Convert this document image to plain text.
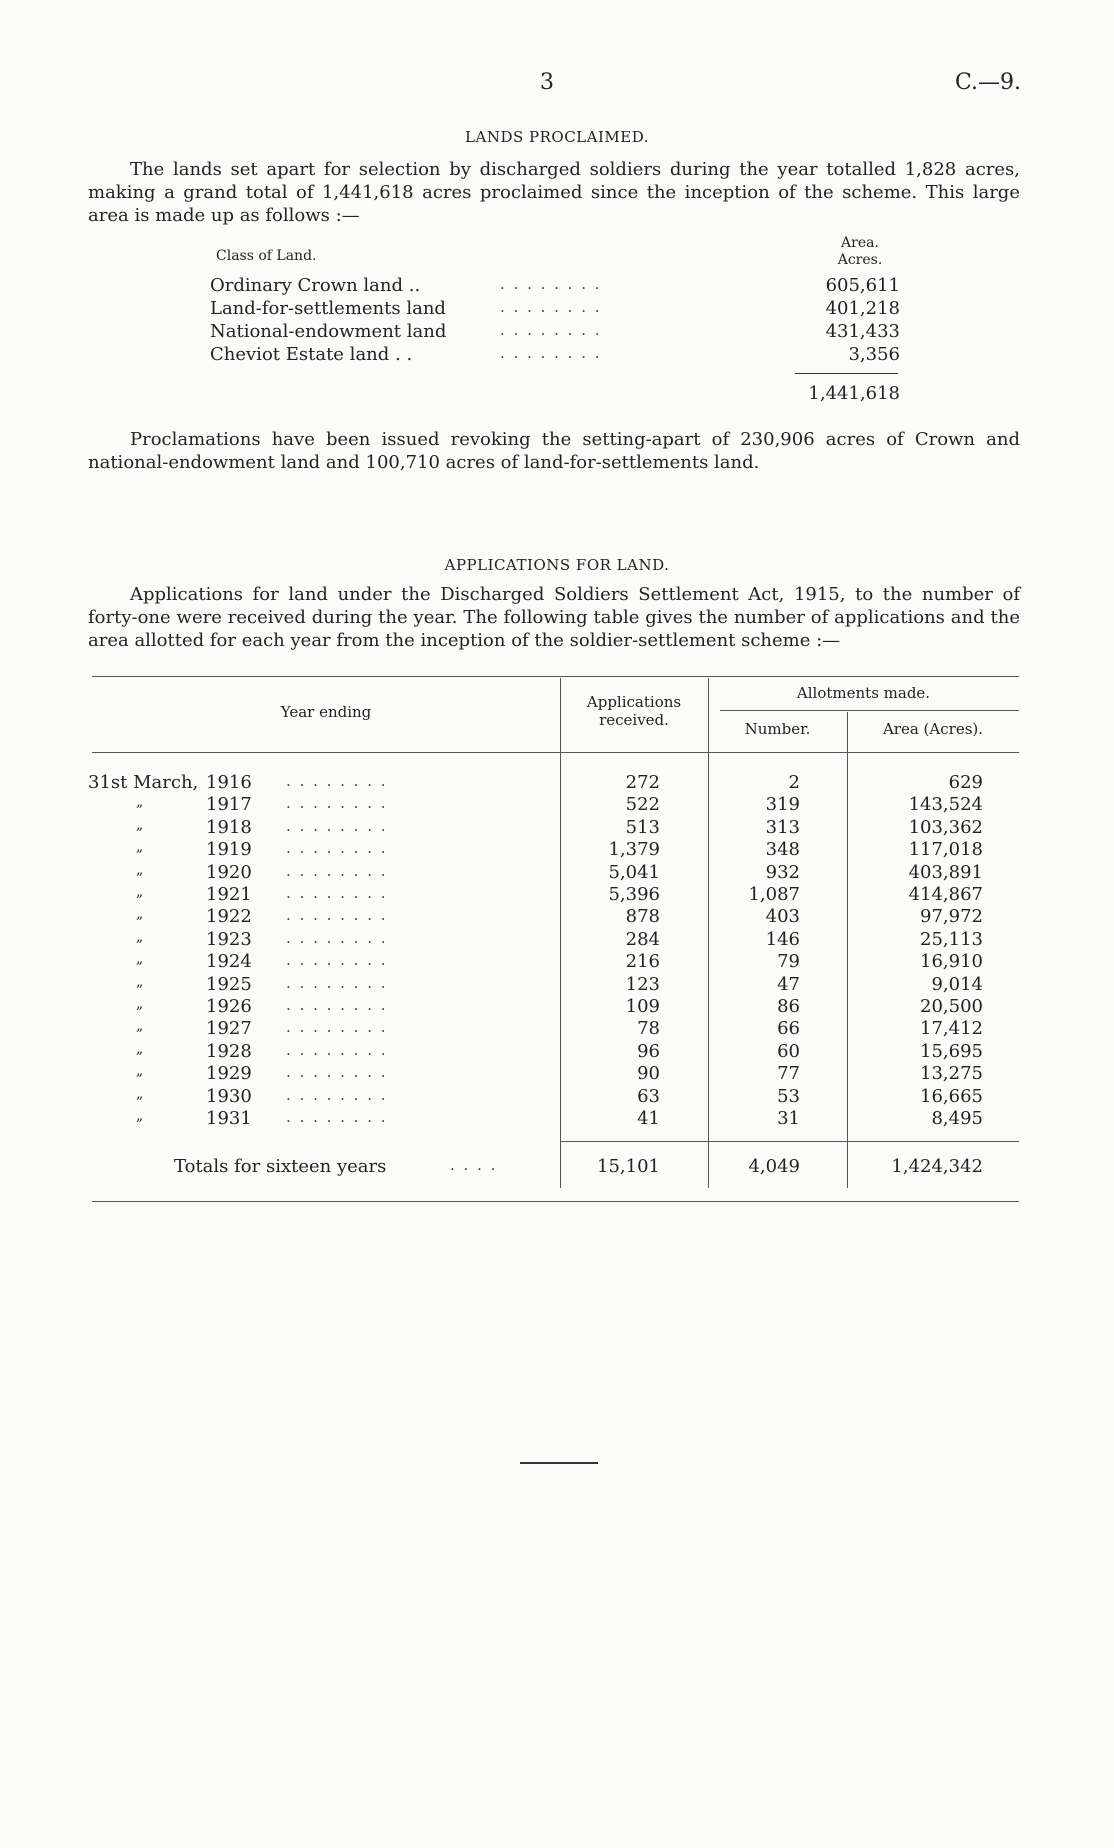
3	C.—9.
LANDS PROCLAIMED.
The lands set apart for selection by discharged soldiers during the year totalled 1,828 acres, making a grand total of 1,441,618 acres proclaimed since the inception of the scheme. This large area is made up as follows :—
Class of Land.
Area.
Acres.
Ordinary Crown land ..	. . . . . . . .	605,611
Land-for-settlements land	. . . . . . . .	401,218
National-endowment land	. . . . . . . .	431,433
Cheviot Estate land . .	. . . . . . . .	3,356
1,441,618
Proclamations have been issued revoking the setting-apart of 230,906 acres of Crown and national-endowment land and 100,710 acres of land-for-settlements land.
APPLICATIONS FOR LAND.
Applications for land under the Discharged Soldiers Settlement Act, 1915, to the number of forty-one were received during the year. The following table gives the number of applications and the area allotted for each year from the inception of the soldier-settlement scheme :—
Year ending
Applications
received.
Allotments made.
Number.	Area (Acres).
31st March, 1916 . . . . . . . .	272	2	629
„	1917 . . . . . . . .	522	319	143,524
„	1918 . . . . . . . .	513	313	103,362
„	1919 . . . . . . . .	1,379	348	117,018
„	1920 . . . . . . . .	5,041	932	403,891
„	1921 . . . . . . . .	5,396	1,087	414,867
„	1922 . . . . . . . .	878	403	97,972
„	1923 . . . . . . . .	284	146	25,113
„	1924 . . . . . . . .	216	79	16,910
„	1925 . . . . . . . .	123	47	9,014
„	1926 . . . . . . . .	109	86	20,500
„	1927 . . . . . . . .	78	66	17,412
„	1928 . . . . . . . .	96	60	15,695
„	1929 . . . . . . . .	90	77	13,275
„	1930 . . . . . . . .	63	53	16,665
„	1931 . . . . . . . .	41	31	8,495
Totals for sixteen years	. . . .	15,101	4,049	1,424,342
